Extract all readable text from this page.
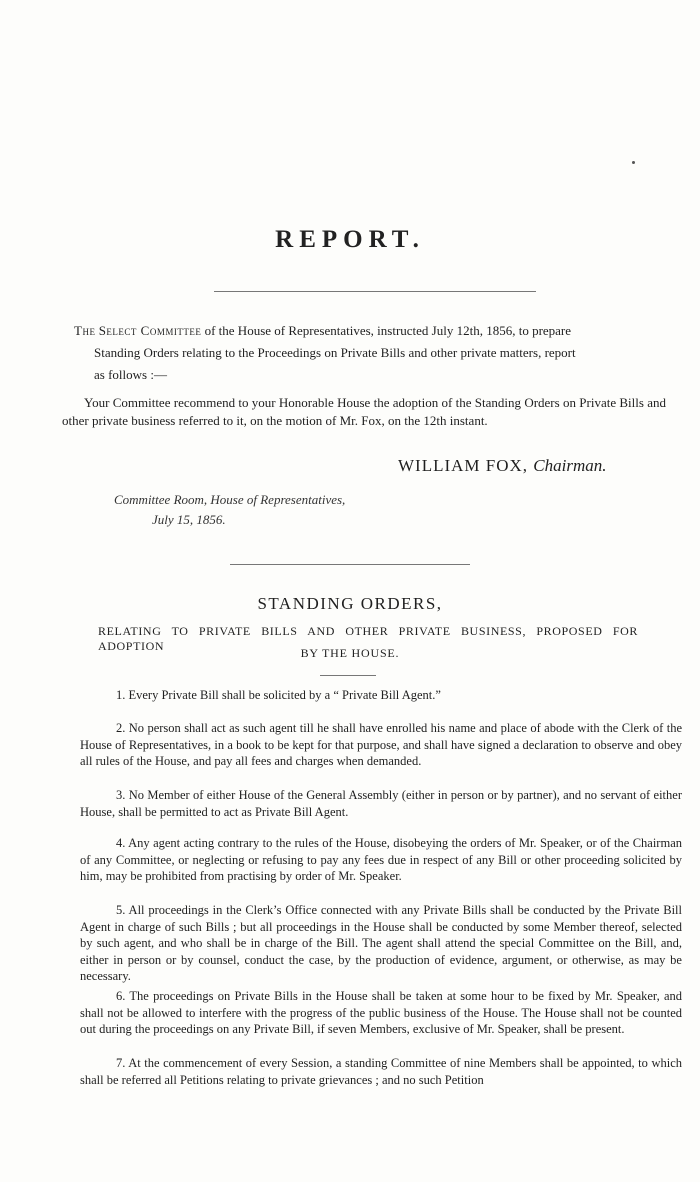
REPORT.

The Select Committee of the House of Representatives, instructed July 12th, 1856, to prepare

Standing Orders relating to the Proceedings on Private Bills and other private matters, report

as follows :—

Your Committee recommend to your Honorable House the adoption of the Standing Orders on Private Bills and other private business referred to it, on the motion of Mr. Fox, on the 12th instant.

WILLIAM FOX, Chairman.
Committee Room, House of Representatives,
July 15, 1856.
STANDING ORDERS,
RELATING TO PRIVATE BILLS AND OTHER PRIVATE BUSINESS, PROPOSED FOR ADOPTION	BY THE HOUSE.

1. Every Private Bill shall be solicited by a “ Private Bill Agent.”

2. No person shall act as such agent till he shall have enrolled his name and place of abode with the Clerk of the House of Representatives, in a book to be kept for that purpose, and shall have signed a declaration to observe and obey all rules of the House, and pay all fees and charges when demanded.

3. No Member of either House of the General Assembly (either in person or by partner), and no servant of either House, shall be permitted to act as Private Bill Agent.

4. Any agent acting contrary to the rules of the House, disobeying the orders of Mr. Speaker, or of the Chairman of any Committee, or neglecting or refusing to pay any fees due in respect of any Bill or other proceeding solicited by him, may be prohibited from practising by order of Mr. Speaker.

5. All proceedings in the Clerk’s Office connected with any Private Bills shall be conducted by the Private Bill Agent in charge of such Bills ; but all proceedings in the House shall be conducted by some Member thereof, selected by such agent, and who shall be in charge of the Bill. The agent shall attend the special Committee on the Bill, and, either in person or by counsel, conduct the case, by the production of evidence, argument, or otherwise, as may be necessary.

6. The proceedings on Private Bills in the House shall be taken at some hour to be fixed by Mr. Speaker, and shall not be allowed to interfere with the progress of the public business of the House. The House shall not be counted out during the proceedings on any Private Bill, if seven Members, exclusive of Mr. Speaker, shall be present.

7. At the commencement of every Session, a standing Committee of nine Members shall be appointed, to which shall be referred all Petitions relating to private grievances ; and no such Petition
